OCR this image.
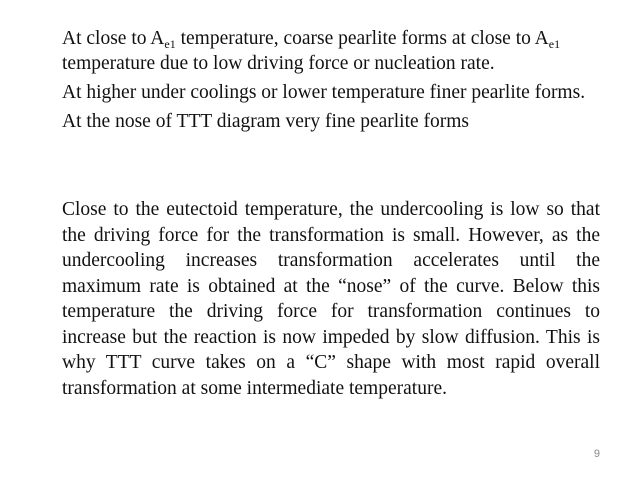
At close to $A_{e1}$ temperature, coarse pearlite forms at close to $A_{e1}$ temperature due to low driving force or nucleation rate.
At higher under coolings or lower temperature finer pearlite forms.
At the nose of TTT diagram very fine pearlite forms
Close to the eutectoid temperature, the undercooling is low so that the driving force for the transformation is small. However, as the undercooling increases transformation accelerates until the maximum rate is obtained at the “nose” of the curve. Below this temperature the driving force for transformation continues to increase but the reaction is now impeded by slow diffusion. This is why TTT curve takes on a “C” shape with most rapid overall transformation at some intermediate temperature.
9
